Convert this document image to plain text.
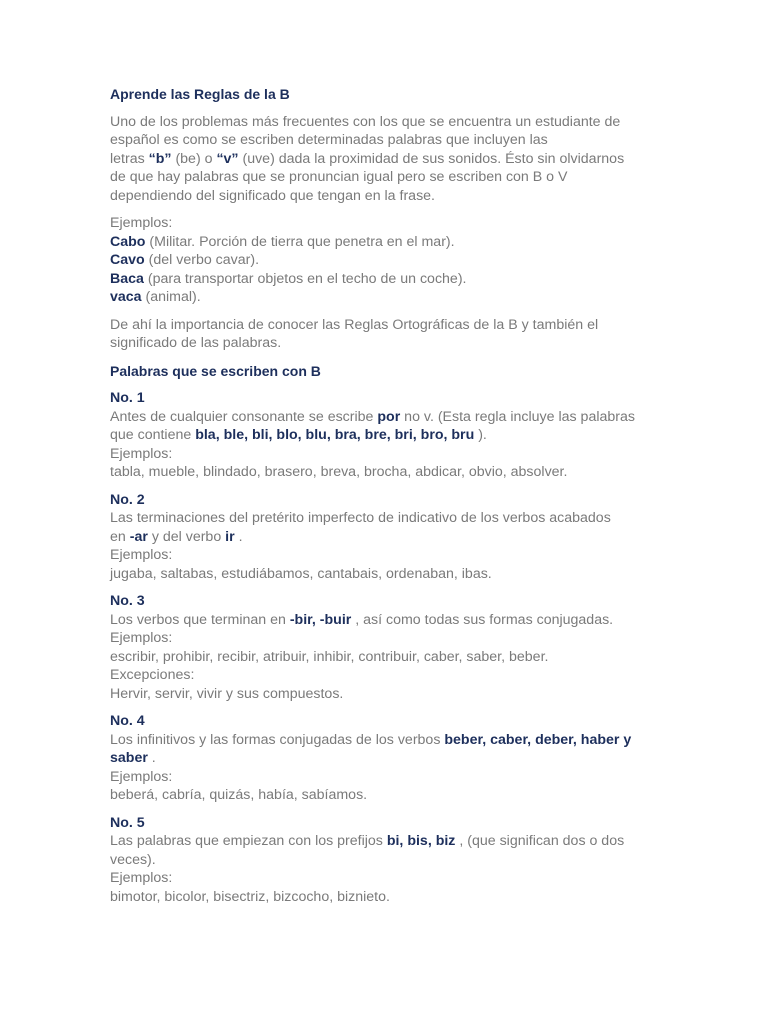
Aprende las Reglas de la B
Uno de los problemas más frecuentes con los que se encuentra un estudiante de
español es como se escriben determinadas palabras que incluyen las
letras “b” (be) o “v” (uve) dada la proximidad de sus sonidos. Ésto sin olvidarnos
de que hay palabras que se pronuncian igual pero se escriben con B o V
dependiendo del significado que tengan en la frase.
Ejemplos:
Cabo (Militar. Porción de tierra que penetra en el mar).
Cavo (del verbo cavar).
Baca (para transportar objetos en el techo de un coche).
vaca (animal).
De ahí la importancia de conocer las Reglas Ortográficas de la B y también el
significado de las palabras.
Palabras que se escriben con B
No. 1
Antes de cualquier consonante se escribe por no v. (Esta regla incluye las palabras
que contiene bla, ble, bli, blo, blu, bra, bre, bri, bro, bru ).
Ejemplos:
tabla, mueble, blindado, brasero, breva, brocha, abdicar, obvio, absolver.
No. 2
Las terminaciones del pretérito imperfecto de indicativo de los verbos acabados
en -ar y del verbo ir .
Ejemplos:
jugaba, saltabas, estudiábamos, cantabais, ordenaban, ibas.
No. 3
Los verbos que terminan en -bir, -buir , así como todas sus formas conjugadas.
Ejemplos:
escribir, prohibir, recibir, atribuir, inhibir, contribuir, caber, saber, beber.
Excepciones:
Hervir, servir, vivir y sus compuestos.
No. 4
Los infinitivos y las formas conjugadas de los verbos beber, caber, deber, haber y
saber .
Ejemplos:
beberá, cabría, quizás, había, sabíamos.
No. 5
Las palabras que empiezan con los prefijos bi, bis, biz , (que significan dos o dos
veces).
Ejemplos:
bimotor, bicolor, bisectriz, bizcocho, biznieto.
